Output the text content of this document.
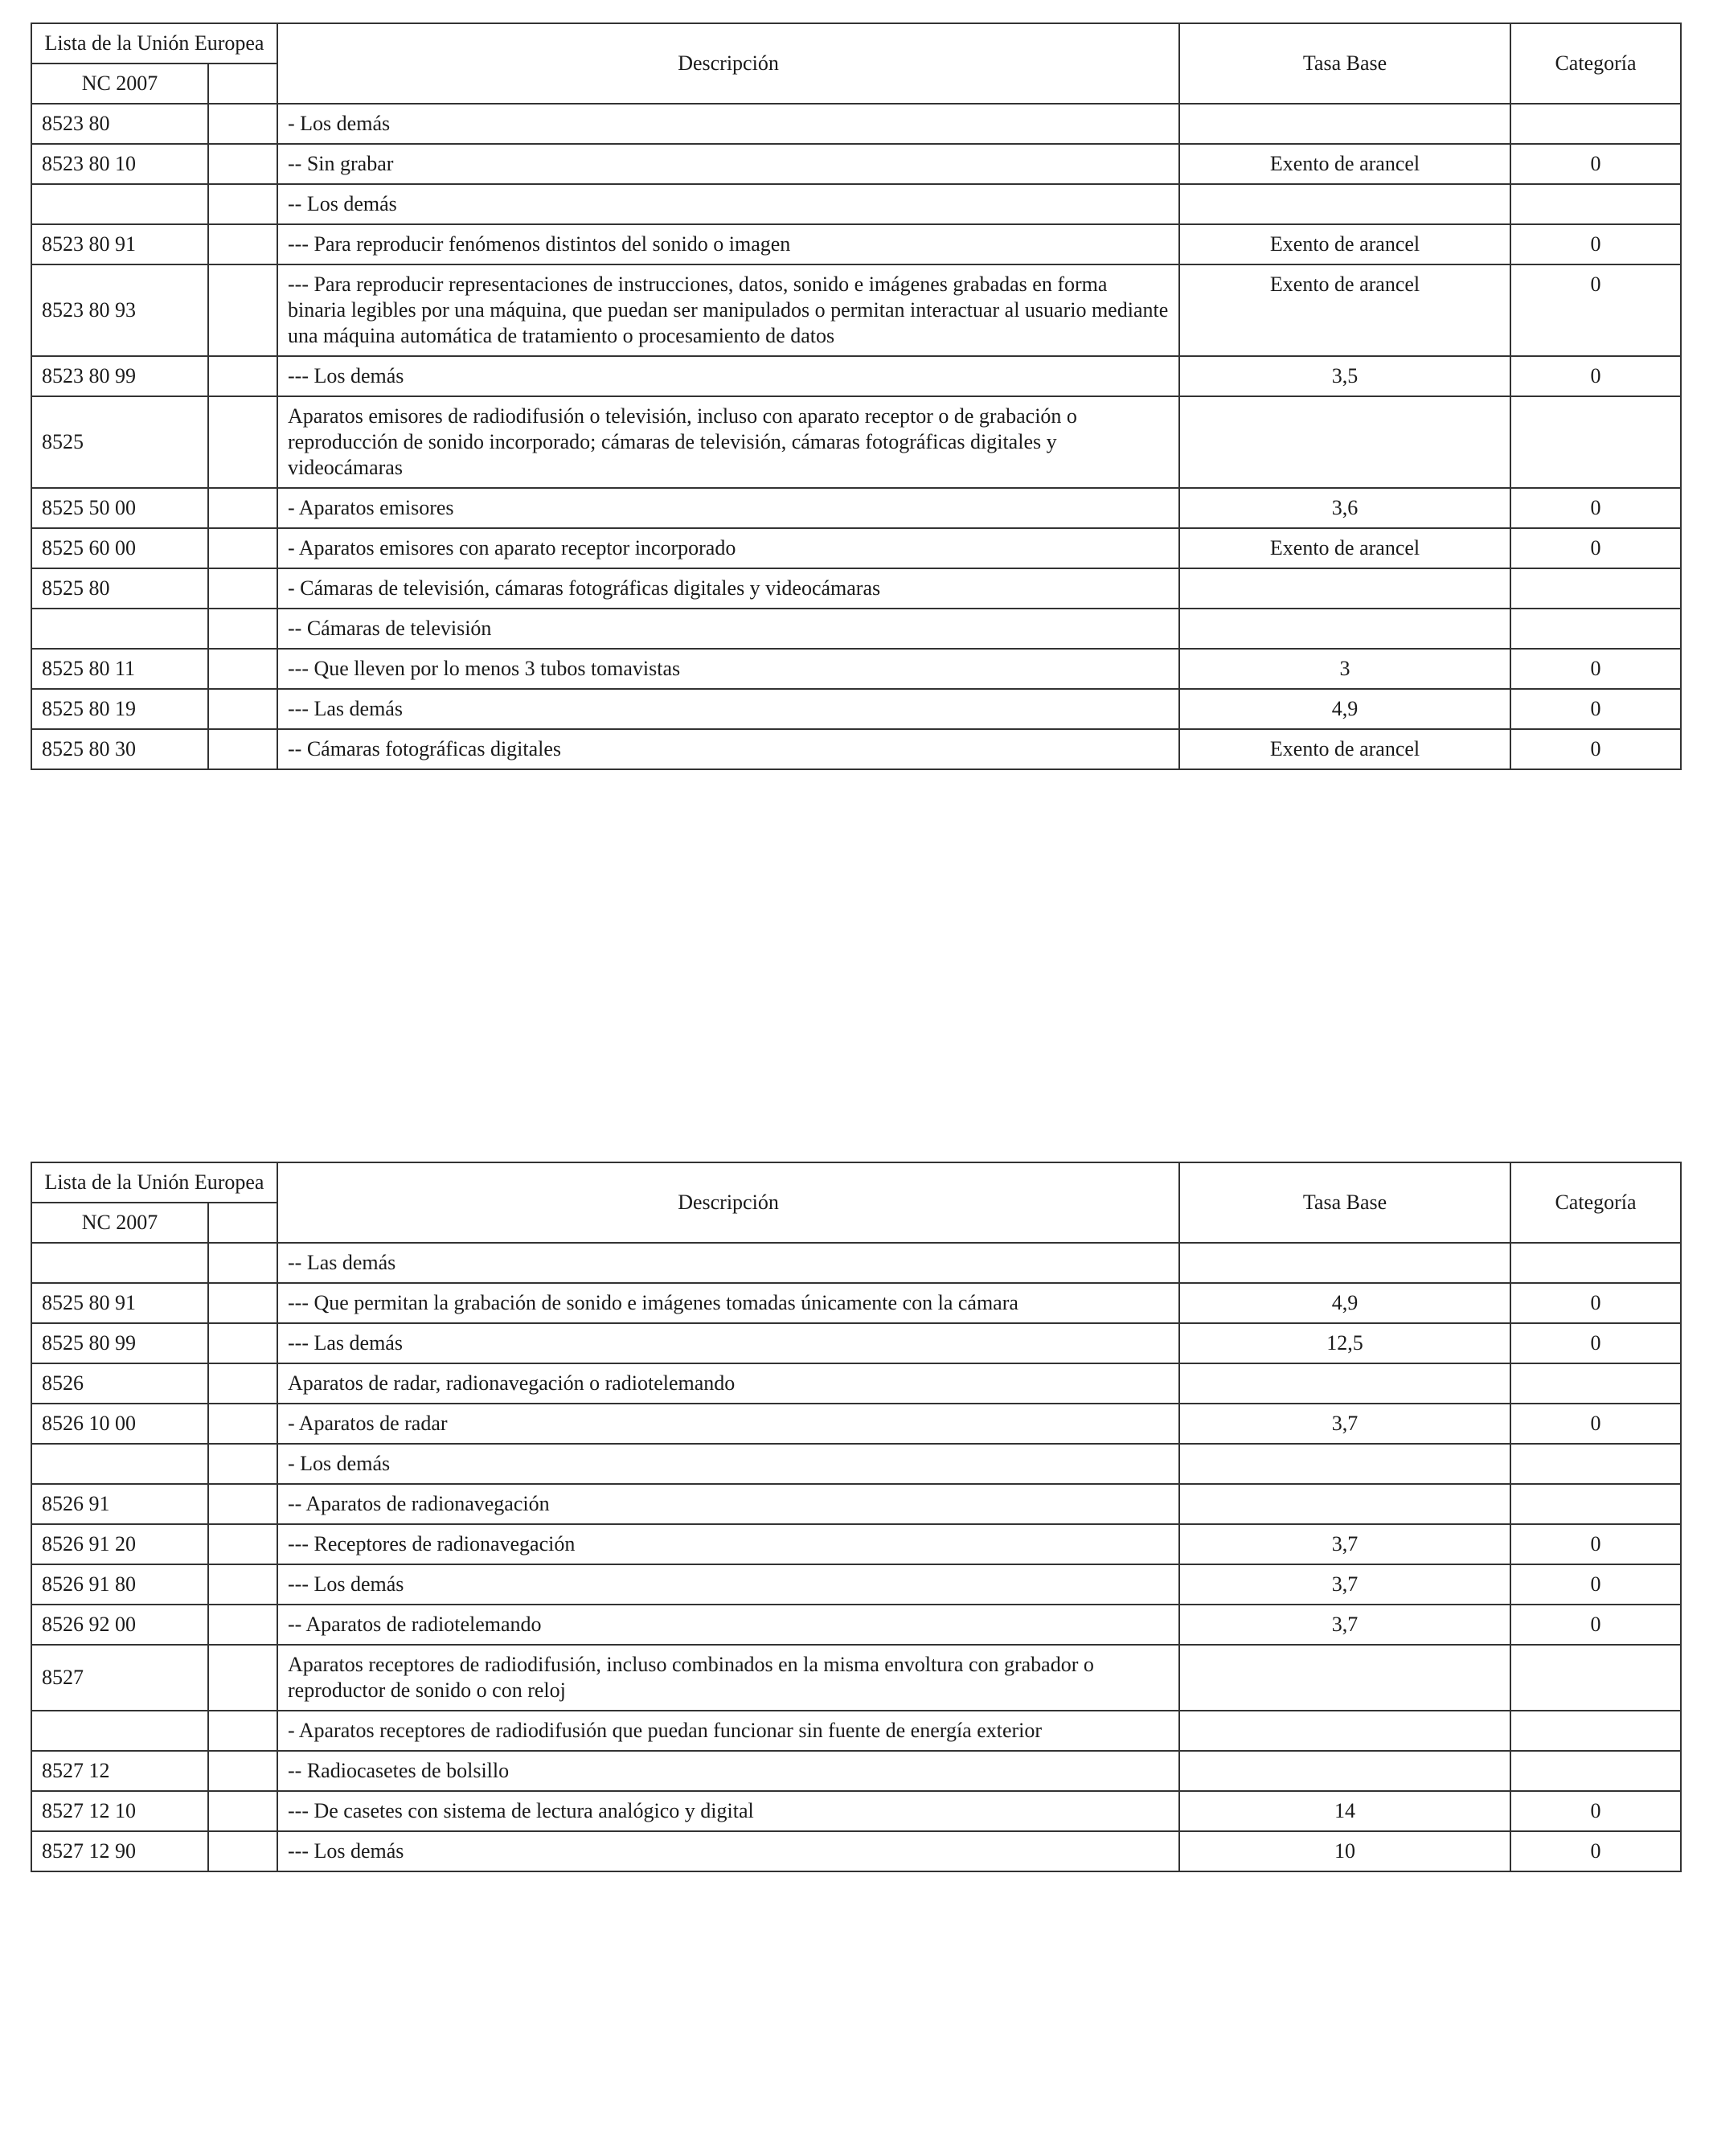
Lista de la Unión Europea		Descripción	Tasa Base	Categoría
NC 2007				
8523 80		- Los demás		
8523 80 10		-- Sin grabar	Exento de arancel	0
		-- Los demás		
8523 80 91		--- Para reproducir fenómenos distintos del sonido o imagen	Exento de arancel	0
8523 80 93		--- Para reproducir representaciones de instrucciones, datos, sonido e imágenes grabadas en forma binaria legibles por una máquina, que puedan ser manipulados o permitan interactuar al usuario mediante una máquina automática de tratamiento o procesamiento de datos	Exento de arancel	0
8523 80 99		--- Los demás	3,5	0
8525		Aparatos emisores de radiodifusión o televisión, incluso con aparato receptor o de grabación o reproducción de sonido incorporado; cámaras de televisión, cámaras fotográficas digitales y videocámaras		
8525 50 00		- Aparatos emisores	3,6	0
8525 60 00		- Aparatos emisores con aparato receptor incorporado	Exento de arancel	0
8525 80		- Cámaras de televisión, cámaras fotográficas digitales y videocámaras		
		-- Cámaras de televisión		
8525 80 11		--- Que lleven por lo menos 3 tubos tomavistas	3	0
8525 80 19		--- Las demás	4,9	0
8525 80 30		-- Cámaras fotográficas digitales	Exento de arancel	0
Lista de la Unión Europea		Descripción	Tasa Base	Categoría
NC 2007				
		-- Las demás		
8525 80 91		--- Que permitan la grabación de sonido e imágenes tomadas únicamente con la cámara	4,9	0
8525 80 99		--- Las demás	12,5	0
8526		Aparatos de radar, radionavegación o radiotelemando		
8526 10 00		- Aparatos de radar	3,7	0
		- Los demás		
8526 91		-- Aparatos de radionavegación		
8526 91 20		--- Receptores de radionavegación	3,7	0
8526 91 80		--- Los demás	3,7	0
8526 92 00		-- Aparatos de radiotelemando	3,7	0
8527		Aparatos receptores de radiodifusión, incluso combinados en la misma envoltura con grabador o reproductor de sonido o con reloj		
		- Aparatos receptores de radiodifusión que puedan funcionar sin fuente de energía exterior		
8527 12		-- Radiocasetes de bolsillo		
8527 12 10		--- De casetes con sistema de lectura analógico y digital	14	0
8527 12 90		--- Los demás	10	0
